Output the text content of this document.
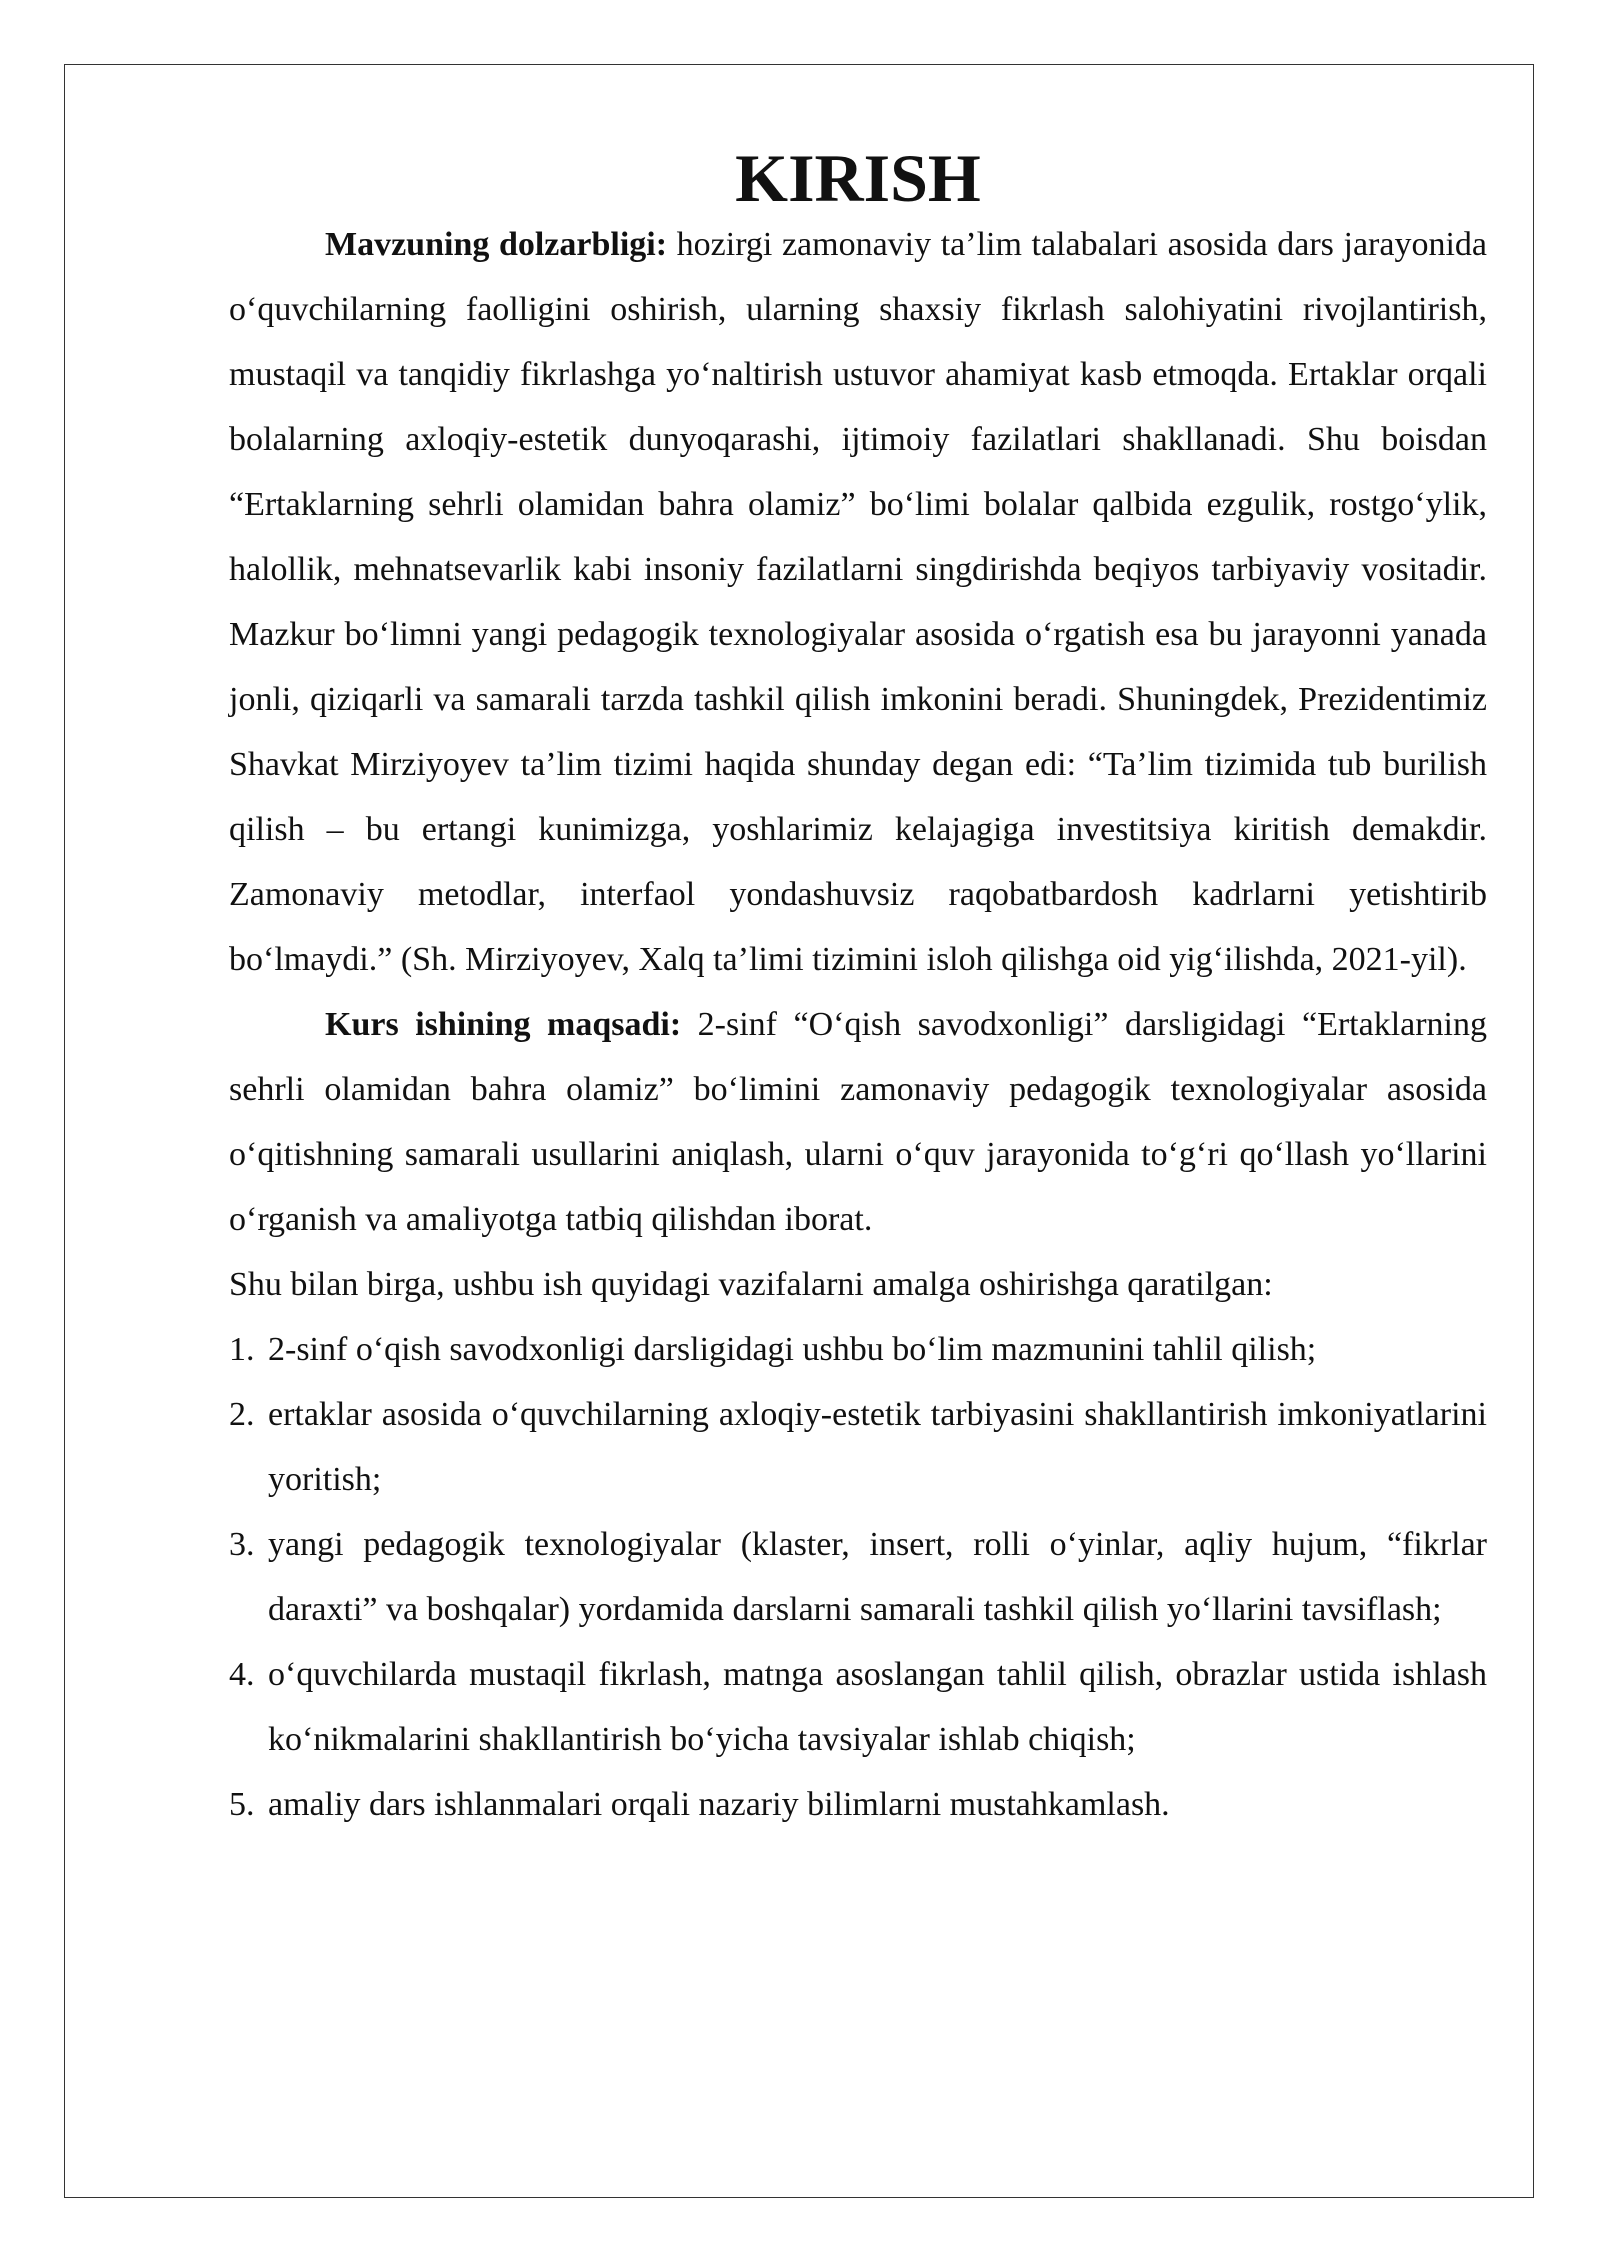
KIRISH

Mavzuning dolzarbligi: hozirgi zamonaviy ta’lim talabalari asosida dars jarayonida o‘quvchilarning faolligini oshirish, ularning shaxsiy fikrlash salohiyatini rivojlantirish, mustaqil va tanqidiy fikrlashga yo‘naltirish ustuvor ahamiyat kasb etmoqda. Ertaklar orqali bolalarning axloqiy-estetik dunyoqarashi, ijtimoiy fazilatlari shakllanadi. Shu boisdan “Ertaklarning sehrli olamidan bahra olamiz” bo‘limi bolalar qalbida ezgulik, rostgo‘ylik, halollik, mehnatsevarlik kabi insoniy fazilatlarni singdirishda beqiyos tarbiyaviy vositadir. Mazkur bo‘limni yangi pedagogik texnologiyalar asosida o‘rgatish esa bu jarayonni yanada jonli, qiziqarli va samarali tarzda tashkil qilish imkonini beradi. Shuningdek, Prezidentimiz Shavkat Mirziyoyev ta’lim tizimi haqida shunday degan edi: “Ta’lim tizimida tub burilish qilish – bu ertangi kunimizga, yoshlarimiz kelajagiga investitsiya kiritish demakdir. Zamonaviy metodlar, interfaol yondashuvsiz raqobatbardosh kadrlarni yetishtirib bo‘lmaydi.” (Sh. Mirziyoyev, Xalq ta’limi tizimini isloh qilishga oid yig‘ilishda, 2021-yil).

Kurs ishining maqsadi: 2-sinf “O‘qish savodxonligi” darsligidagi “Ertaklarning sehrli olamidan bahra olamiz” bo‘limini zamonaviy pedagogik texnologiyalar asosida o‘qitishning samarali usullarini aniqlash, ularni o‘quv jarayonida to‘g‘ri qo‘llash yo‘llarini o‘rganish va amaliyotga tatbiq qilishdan iborat.

Shu bilan birga, ushbu ish quyidagi vazifalarni amalga oshirishga qaratilgan:

1. 2-sinf o‘qish savodxonligi darsligidagi ushbu bo‘lim mazmunini tahlil qilish;
2. ertaklar asosida o‘quvchilarning axloqiy-estetik tarbiyasini shakllantirish imkoniyatlarini yoritish;
3. yangi pedagogik texnologiyalar (klaster, insert, rolli o‘yinlar, aqliy hujum, “fikrlar daraxti” va boshqalar) yordamida darslarni samarali tashkil qilish yo‘llarini tavsiflash;
4. o‘quvchilarda mustaqil fikrlash, matnga asoslangan tahlil qilish, obrazlar ustida ishlash ko‘nikmalarini shakllantirish bo‘yicha tavsiyalar ishlab chiqish;
5. amaliy dars ishlanmalari orqali nazariy bilimlarni mustahkamlash.
